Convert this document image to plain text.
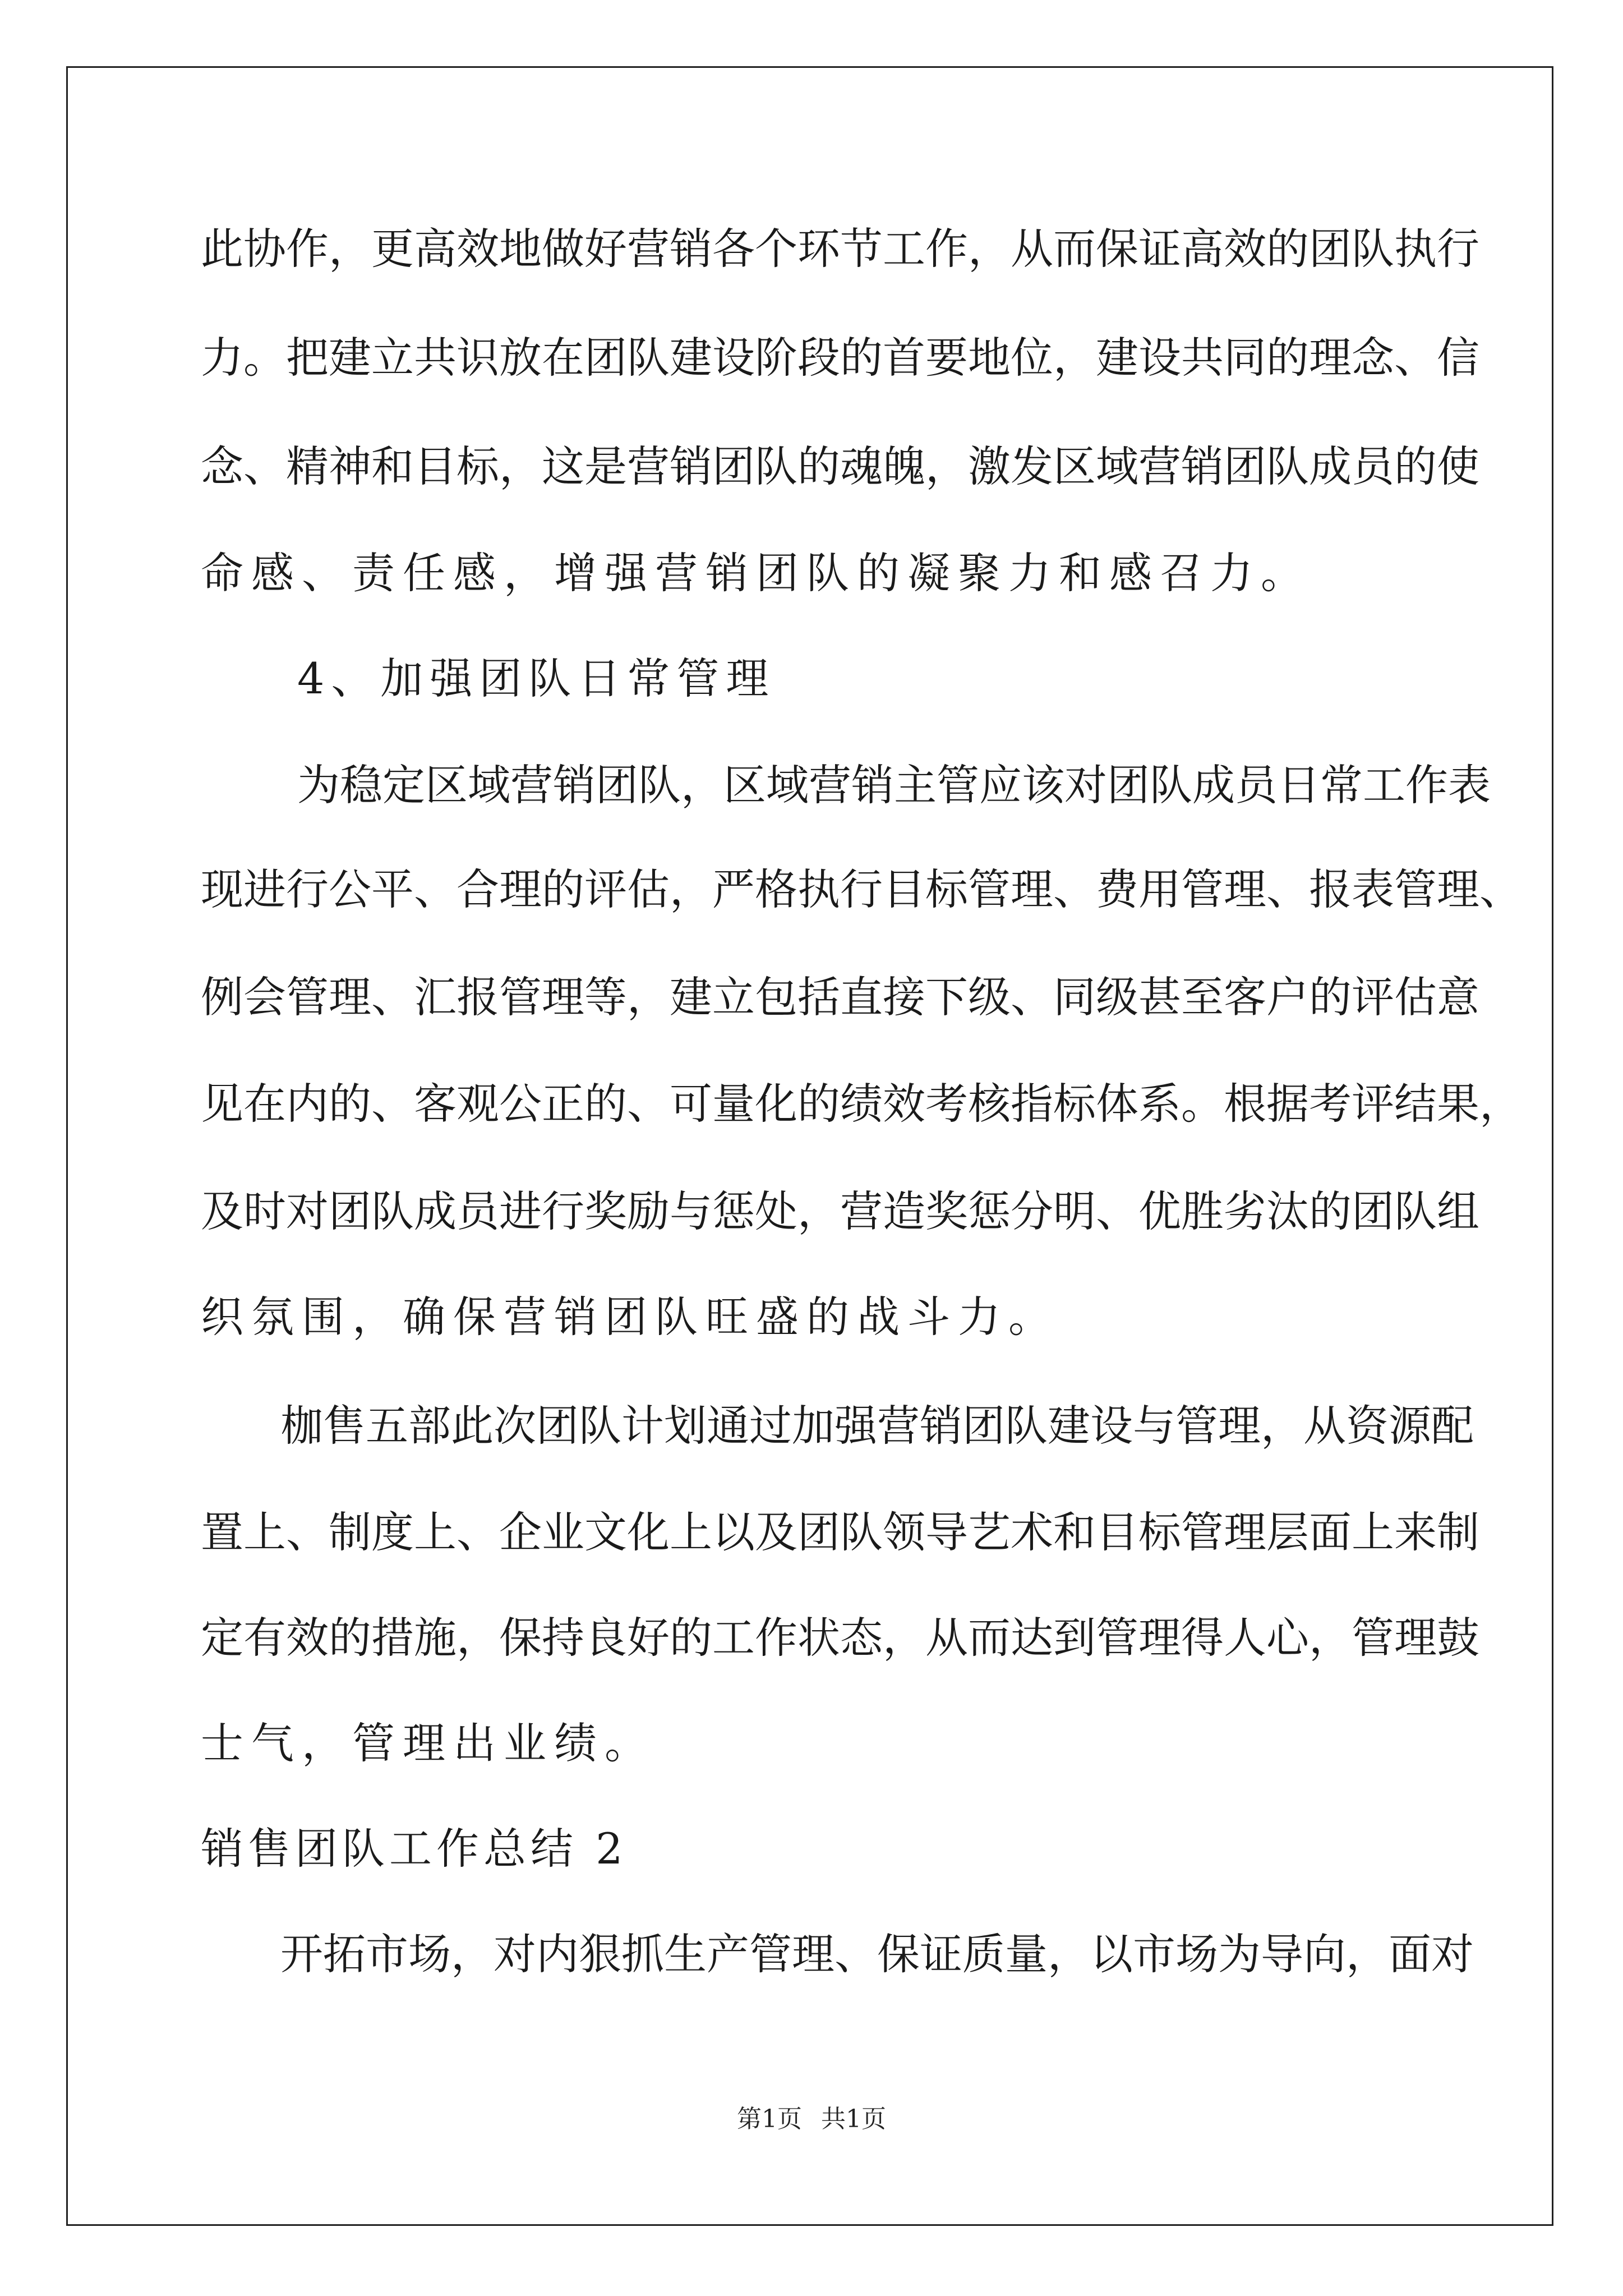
此协作，更高效地做好营销各个环节工作，从而保证高效的团队执行
力。把建立共识放在团队建设阶段的首要地位，建设共同的理念、信
念、精神和目标，这是营销团队的魂魄，激发区域营销团队成员的使
命感、责任感，增强营销团队的凝聚力和感召力。
4、加强团队日常管理
为稳定区域营销团队，区域营销主管应该对团队成员日常工作表
现进行公平、合理的评估，严格执行目标管理、费用管理、报表管理、
例会管理、汇报管理等，建立包括直接下级、同级甚至客户的评估意
见在内的、客观公正的、可量化的绩效考核指标体系。根据考评结果，
及时对团队成员进行奖励与惩处，营造奖惩分明、优胜劣汰的团队组
织氛围，确保营销团队旺盛的战斗力。
枷售五部此次团队计划通过加强营销团队建设与管理，从资源配
置上、制度上、企业文化上以及团队领导艺术和目标管理层面上来制
定有效的措施，保持良好的工作状态，从而达到管理得人心，管理鼓
士气，管理出业绩。
销售团队工作总结 2
开拓市场，对内狠抓生产管理、保证质量，以市场为导向，面对
第1页 共1页
